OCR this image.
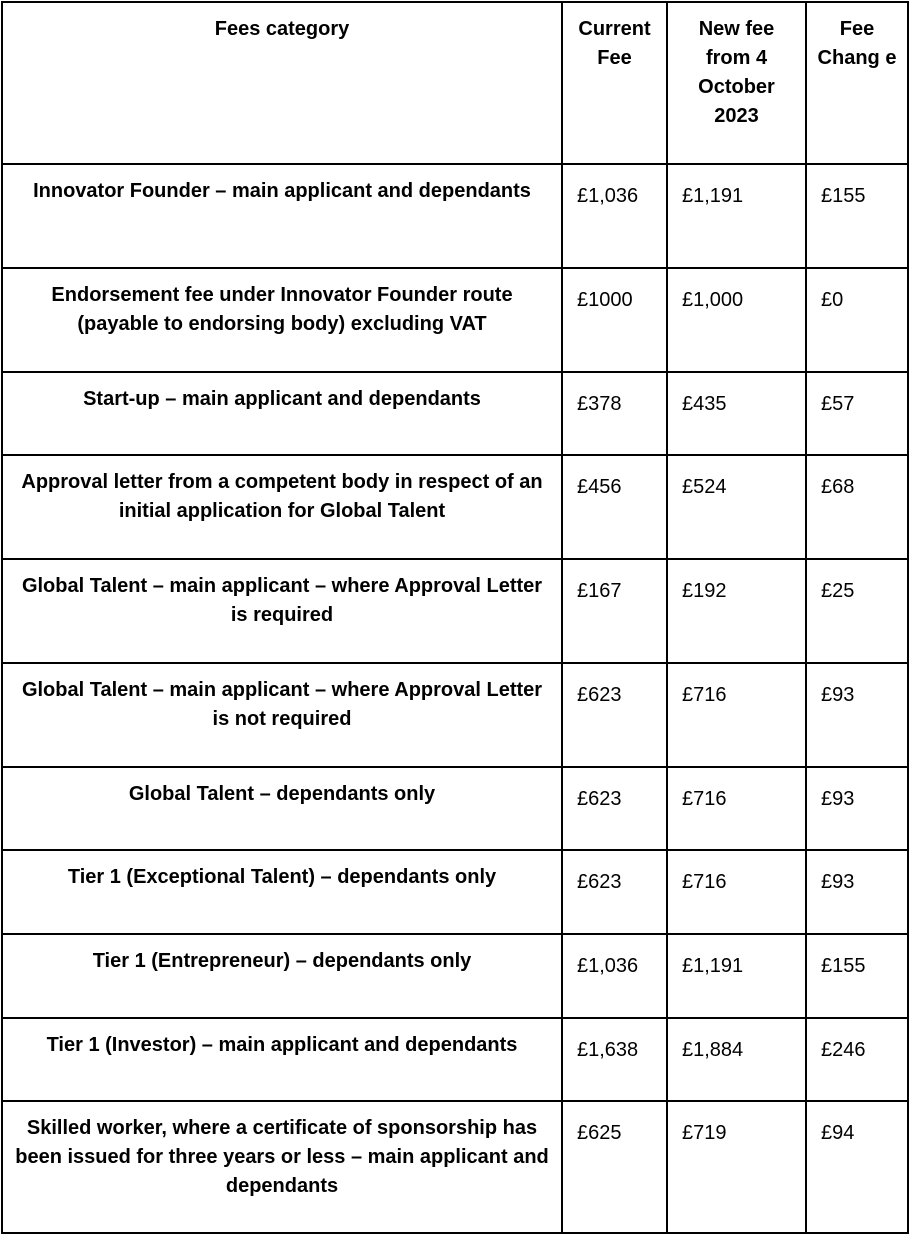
Fees category	Current Fee	New fee from 4 October 2023	Fee Chang e
Innovator Founder – main applicant and dependants	£1,036	£1,191	£155
Endorsement fee under Innovator Founder route (payable to endorsing body) excluding VAT	£1000	£1,000	£0
Start-up – main applicant and dependants	£378	£435	£57
Approval letter from a competent body in respect of an initial application for Global Talent	£456	£524	£68
Global Talent – main applicant – where Approval Letter is required	£167	£192	£25
Global Talent – main applicant – where Approval Letter is not required	£623	£716	£93
Global Talent – dependants only	£623	£716	£93
Tier 1 (Exceptional Talent) – dependants only	£623	£716	£93
Tier 1 (Entrepreneur) – dependants only	£1,036	£1,191	£155
Tier 1 (Investor) – main applicant and dependants	£1,638	£1,884	£246
Skilled worker, where a certificate of sponsorship has been issued for three years or less – main applicant and dependants	£625	£719	£94
